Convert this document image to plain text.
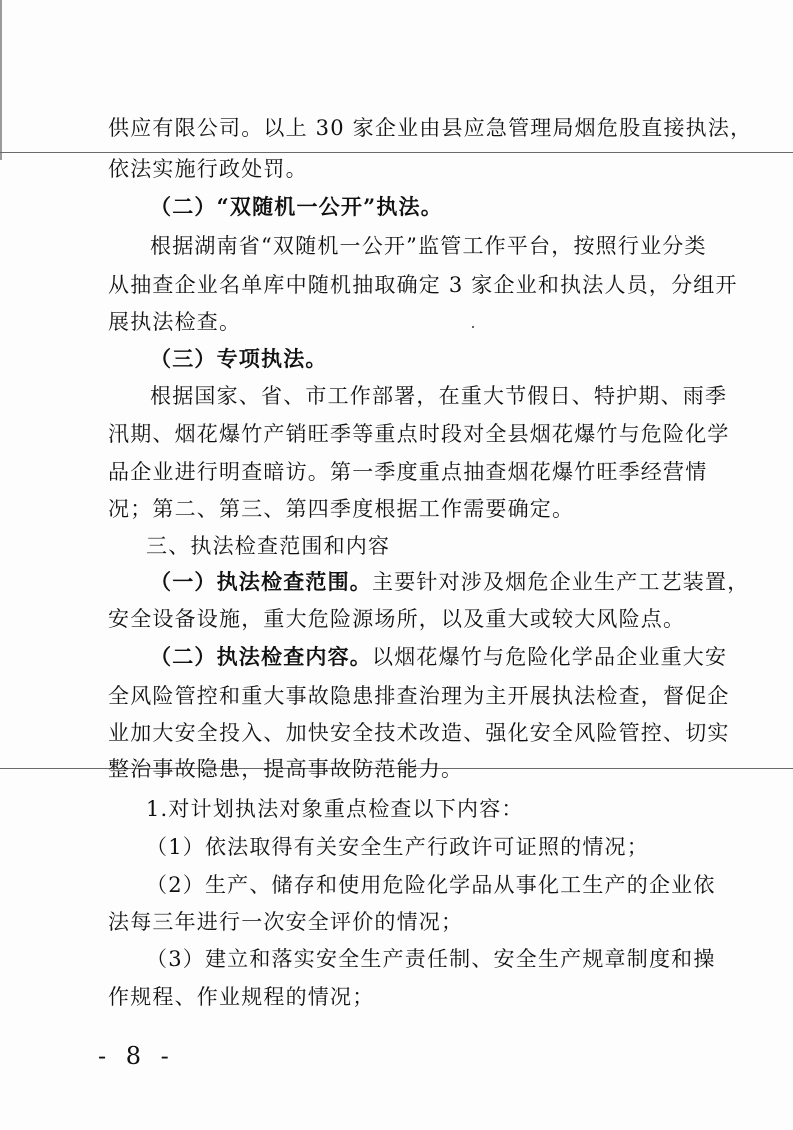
供应有限公司。以上 30 家企业由县应急管理局烟危股直接执法，
依法实施行政处罚。
（二）“双随机一公开”执法。
根据湖南省“双随机一公开”监管工作平台，按照行业分类
从抽查企业名单库中随机抽取确定 3 家企业和执法人员，分组开
展执法检查。
（三）专项执法。
根据国家、省、市工作部署，在重大节假日、特护期、雨季
汛期、烟花爆竹产销旺季等重点时段对全县烟花爆竹与危险化学
品企业进行明查暗访。第一季度重点抽查烟花爆竹旺季经营情
况；第二、第三、第四季度根据工作需要确定。
三、执法检查范围和内容
（一）执法检查范围。主要针对涉及烟危企业生产工艺装置，
安全设备设施，重大危险源场所，以及重大或较大风险点。
（二）执法检查内容。以烟花爆竹与危险化学品企业重大安
全风险管控和重大事故隐患排查治理为主开展执法检查，督促企
业加大安全投入、加快安全技术改造、强化安全风险管控、切实
整治事故隐患，提高事故防范能力。
1.对计划执法对象重点检查以下内容：
（1）依法取得有关安全生产行政许可证照的情况；
（2）生产、储存和使用危险化学品从事化工生产的企业依
法每三年进行一次安全评价的情况；
（3）建立和落实安全生产责任制、安全生产规章制度和操
作规程、作业规程的情况；
- 8 -
